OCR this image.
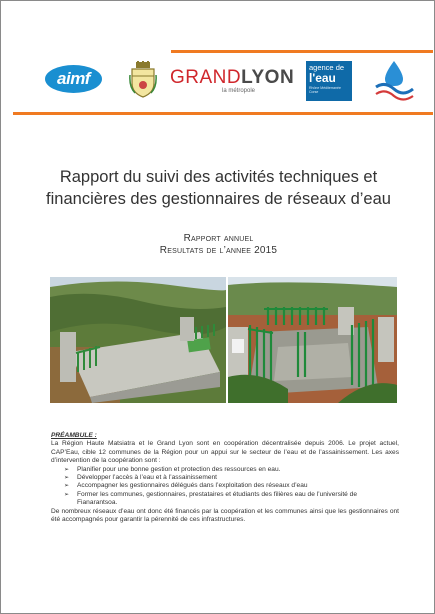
aimf	GRANDLYON
la métropole
agence de
l'eau
Rhône Méditerranée Corse
Rapport du suivi des activités techniques et financières des gestionnaires de réseaux d’eau
Rapport annuel
Resultats de l’annee 2015
PRÉAMBULE :

La Région Haute Matsiatra et le Grand Lyon sont en coopération décentralisée depuis 2006. Le projet actuel, CAP’Eau, cible 12 communes de la Région pour un appui sur le secteur de l’eau et de l’assainissement. Les axes d’intervention de la coopération sont :

➢ Planifier pour une bonne gestion et protection des ressources en eau.
➢ Développer l’accès à l’eau et à l’assainissement
➢ Accompagner les gestionnaires délégués dans l’exploitation des réseaux d’eau
➢ Former les communes, gestionnaires, prestataires et étudiants des filières eau de l’université de Fianarantsoa.

De nombreux réseaux d’eau ont donc été financés par la coopération et les communes ainsi que les gestionnaires ont été accompagnés pour garantir la pérennité de ces infrastructures.
